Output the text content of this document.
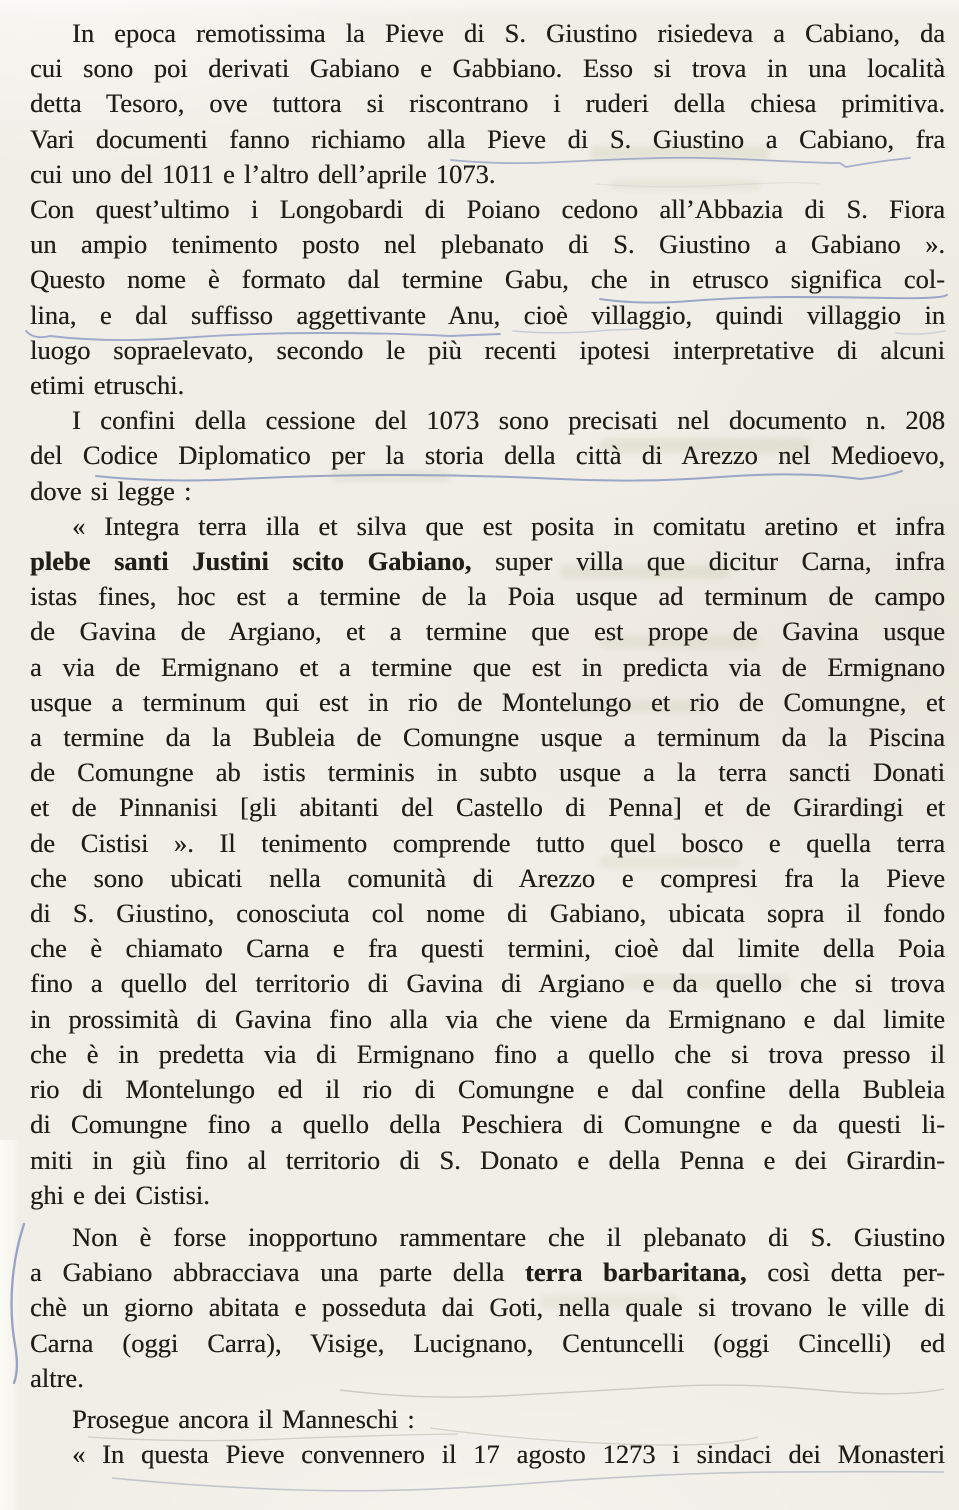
In epoca remotissima la Pieve di S. Giustino risiedeva a Cabiano, da
cui sono poi derivati Gabiano e Gabbiano. Esso si trova in una località
detta Tesoro, ove tuttora si riscontrano i ruderi della chiesa primitiva.
Vari documenti fanno richiamo alla Pieve di S. Giustino a Cabiano, fra
cui uno del 1011 e l’altro dell’aprile 1073.
Con quest’ultimo i Longobardi di Poiano cedono all’Abbazia di S. Fiora
un ampio tenimento posto nel plebanato di S. Giustino a Gabiano ».
Questo nome è formato dal termine Gabu, che in etrusco significa col-
lina, e dal suffisso aggettivante Anu, cioè villaggio, quindi villaggio in
luogo sopraelevato, secondo le più recenti ipotesi interpretative di alcuni
etimi etruschi.
I confini della cessione del 1073 sono precisati nel documento n. 208
del Codice Diplomatico per la storia della città di Arezzo nel Medioevo,
dove si legge :
« Integra terra illa et silva que est posita in comitatu aretino et infra
plebe santi Justini scito Gabiano, super villa que dicitur Carna, infra
istas fines, hoc est a termine de la Poia usque ad terminum de campo
de Gavina de Argiano, et a termine que est prope de Gavina usque
a via de Ermignano et a termine que est in predicta via de Ermignano
usque a terminum qui est in rio de Montelungo et rio de Comungne, et
a termine da la Bubleia de Comungne usque a terminum da la Piscina
de Comungne ab istis terminis in subto usque a la terra sancti Donati
et de Pinnanisi [gli abitanti del Castello di Penna] et de Girardingi et
de Cistisi ». Il tenimento comprende tutto quel bosco e quella terra
che sono ubicati nella comunità di Arezzo e compresi fra la Pieve
di S. Giustino, conosciuta col nome di Gabiano, ubicata sopra il fondo
che è chiamato Carna e fra questi termini, cioè dal limite della Poia
fino a quello del territorio di Gavina di Argiano e da quello che si trova
in prossimità di Gavina fino alla via che viene da Ermignano e dal limite
che è in predetta via di Ermignano fino a quello che si trova presso il
rio di Montelungo ed il rio di Comungne e dal confine della Bubleia
di Comungne fino a quello della Peschiera di Comungne e da questi li-
miti in giù fino al territorio di S. Donato e della Penna e dei Girardin-
ghi e dei Cistisi.
Non è forse inopportuno rammentare che il plebanato di S. Giustino
a Gabiano abbracciava una parte della terra barbaritana, così detta per-
chè un giorno abitata e posseduta dai Goti, nella quale si trovano le ville di
Carna (oggi Carra), Visige, Lucignano, Centuncelli (oggi Cincelli) ed
altre.
Prosegue ancora il Manneschi :
« In questa Pieve convennero il 17 agosto 1273 i sindaci dei Monasteri
